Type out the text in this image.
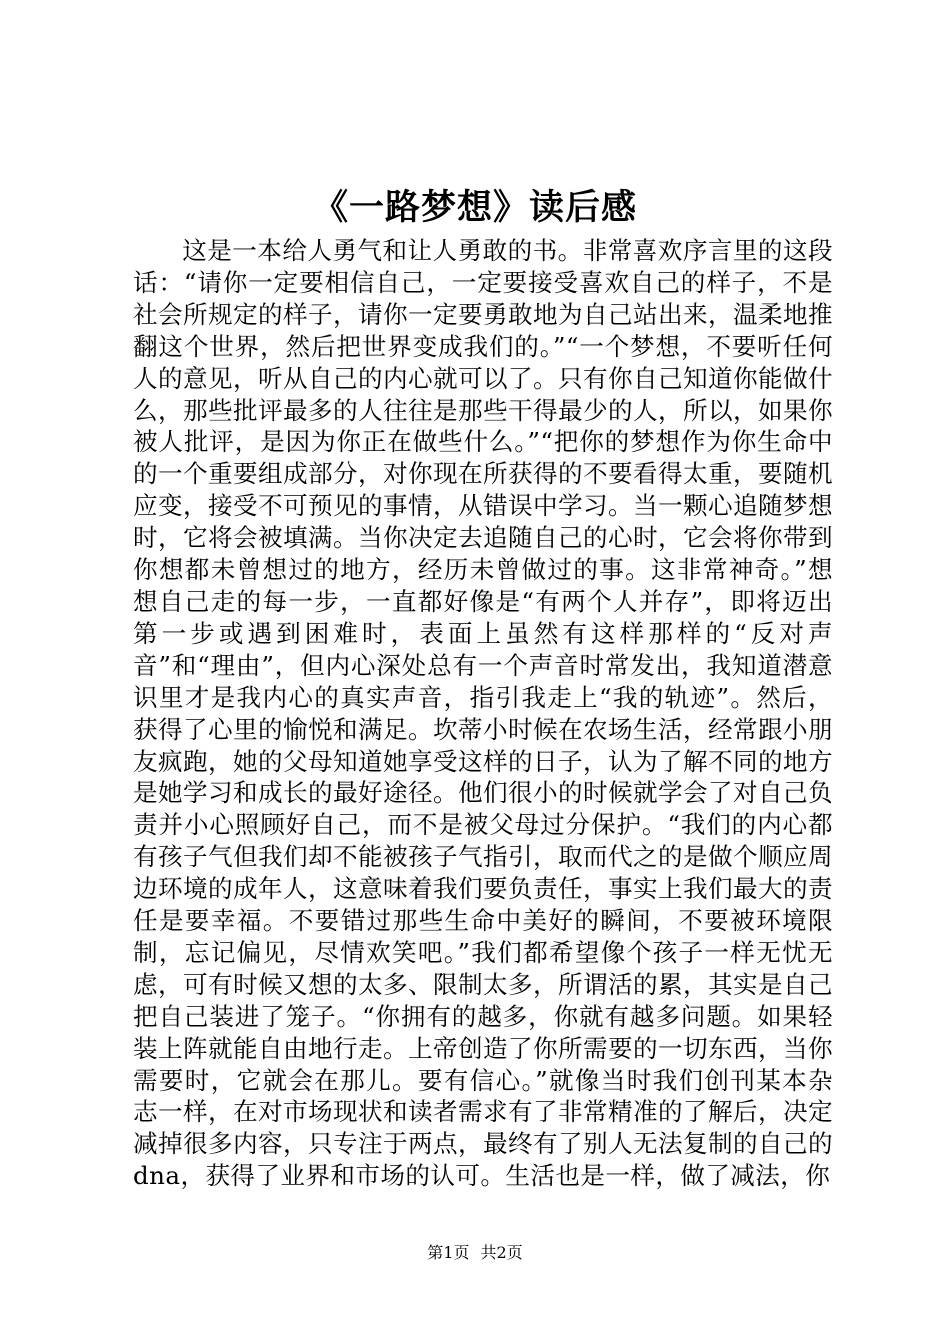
《一路梦想》读后感

这是一本给人勇气和让人勇敢的书。非常喜欢序言里的这段话：“请你一定要相信自己，一定要接受喜欢自己的样子，不是社会所规定的样子，请你一定要勇敢地为自己站出来，温柔地推翻这个世界，然后把世界变成我们的。”“一个梦想，不要听任何人的意见，听从自己的内心就可以了。只有你自己知道你能做什么，那些批评最多的人往往是那些干得最少的人，所以，如果你被人批评，是因为你正在做些什么。”“把你的梦想作为你生命中的一个重要组成部分，对你现在所获得的不要看得太重，要随机应变，接受不可预见的事情，从错误中学习。当一颗心追随梦想时，它将会被填满。当你决定去追随自己的心时，它会将你带到你想都未曾想过的地方，经历未曾做过的事。这非常神奇。”想想自己走的每一步，一直都好像是“有两个人并存”，即将迈出第一步或遇到困难时，表面上虽然有这样那样的“反对声音”和“理由”，但内心深处总有一个声音时常发出，我知道潜意识里才是我内心的真实声音，指引我走上“我的轨迹”。然后，获得了心里的愉悦和满足。坎蒂小时候在农场生活，经常跟小朋友疯跑，她的父母知道她享受这样的日子，认为了解不同的地方是她学习和成长的最好途径。他们很小的时候就学会了对自己负责并小心照顾好自己，而不是被父母过分保护。“我们的内心都有孩子气但我们却不能被孩子气指引，取而代之的是做个顺应周边环境的成年人，这意味着我们要负责任，事实上我们最大的责任是要幸福。不要错过那些生命中美好的瞬间，不要被环境限制，忘记偏见，尽情欢笑吧。”我们都希望像个孩子一样无忧无虑，可有时候又想的太多、限制太多，所谓活的累，其实是自己把自己装进了笼子。“你拥有的越多，你就有越多问题。如果轻装上阵就能自由地行走。上帝创造了你所需要的一切东西，当你需要时，它就会在那儿。要有信心。”就像当时我们创刊某本杂志一样，在对市场现状和读者需求有了非常精准的了解后，决定减掉很多内容，只专注于两点，最终有了别人无法复制的自己的dna，获得了业界和市场的认可。生活也是一样，做了减法，你

第1页 共2页
